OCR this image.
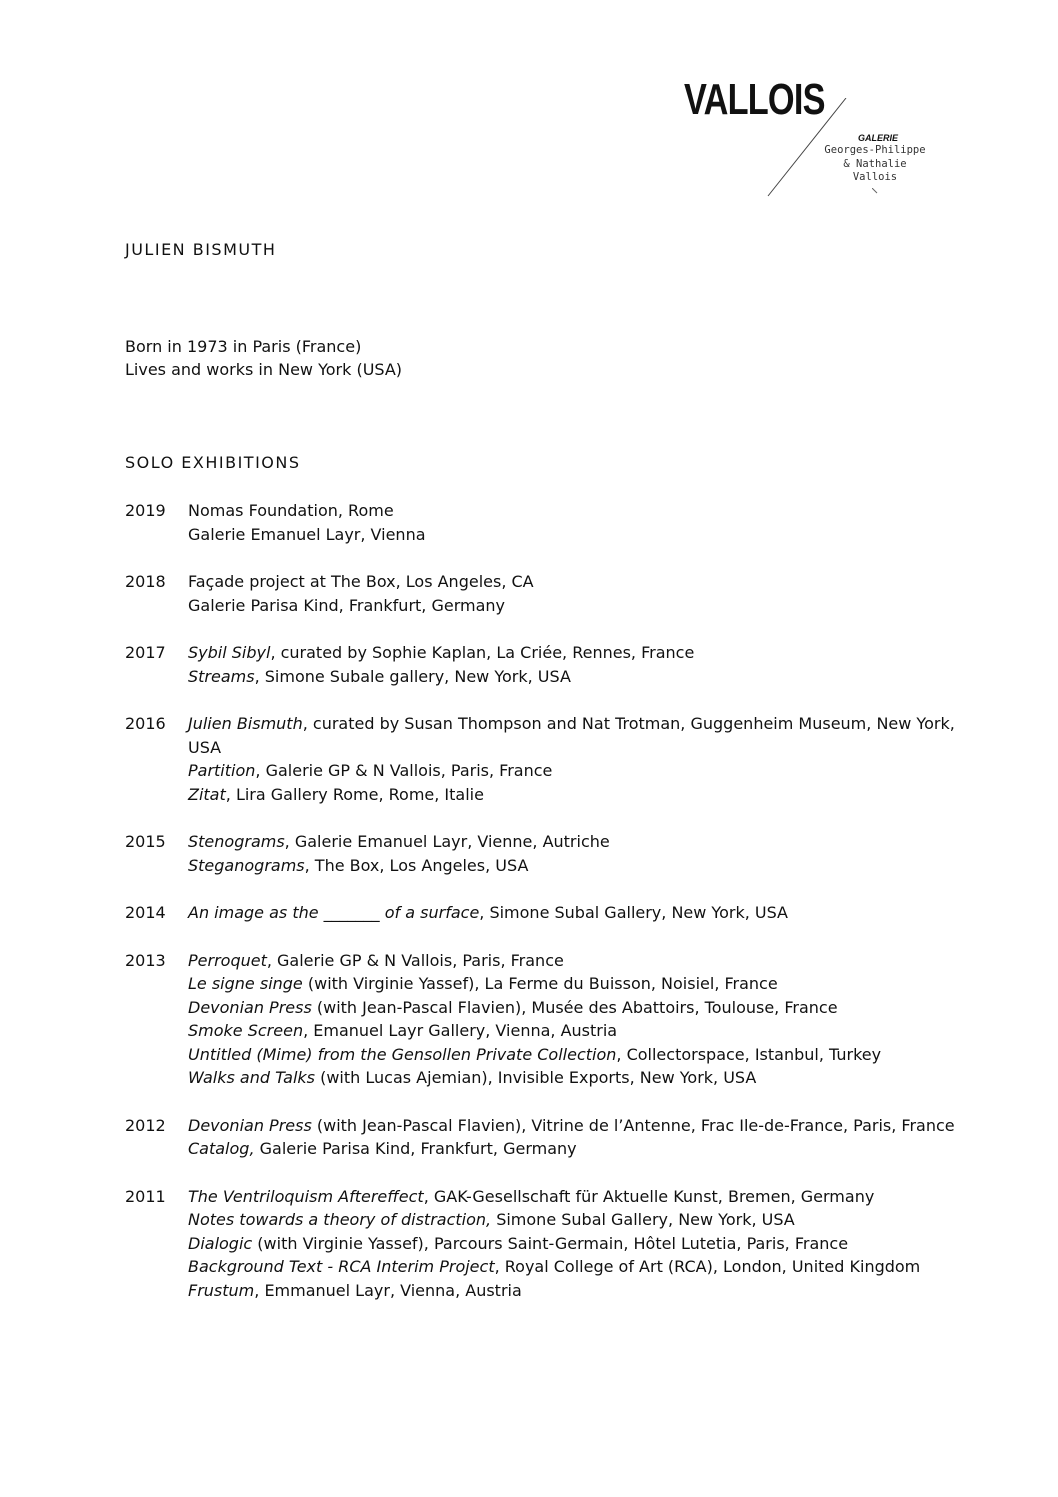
VALLOIS
GALERIE
Georges-Philippe
& Nathalie
Vallois
JULIEN BISMUTH
Born in 1973 in Paris (France)
Lives and works in New York (USA)
SOLO EXHIBITIONS
2019	Nomas Foundation, Rome
Galerie Emanuel Layr, Vienna
2018	Façade project at The Box, Los Angeles, CA
Galerie Parisa Kind, Frankfurt, Germany
2017	Sybil Sibyl, curated by Sophie Kaplan, La Criée, Rennes, France
Streams, Simone Subale gallery, New York, USA
2016	Julien Bismuth, curated by Susan Thompson and Nat Trotman, Guggenheim Museum, New York, USA
Partition, Galerie GP & N Vallois, Paris, France
Zitat, Lira Gallery Rome, Rome, Italie
2015	Stenograms, Galerie Emanuel Layr, Vienne, Autriche
Steganograms, The Box, Los Angeles, USA
2014	An image as the _______ of a surface, Simone Subal Gallery, New York, USA
2013	Perroquet, Galerie GP & N Vallois, Paris, France
Le signe singe (with Virginie Yassef), La Ferme du Buisson, Noisiel, France
Devonian Press (with Jean-Pascal Flavien), Musée des Abattoirs, Toulouse, France
Smoke Screen, Emanuel Layr Gallery, Vienna, Austria
Untitled (Mime) from the Gensollen Private Collection, Collectorspace, Istanbul, Turkey
Walks and Talks (with Lucas Ajemian), Invisible Exports, New York, USA
2012	Devonian Press (with Jean-Pascal Flavien), Vitrine de l’Antenne, Frac Ile-de-France, Paris, France
Catalog, Galerie Parisa Kind, Frankfurt, Germany
2011	The Ventriloquism Aftereffect, GAK-Gesellschaft für Aktuelle Kunst, Bremen, Germany
Notes towards a theory of distraction, Simone Subal Gallery, New York, USA
Dialogic (with Virginie Yassef), Parcours Saint-Germain, Hôtel Lutetia, Paris, France
Background Text - RCA Interim Project, Royal College of Art (RCA), London, United Kingdom
Frustum, Emmanuel Layr, Vienna, Austria
